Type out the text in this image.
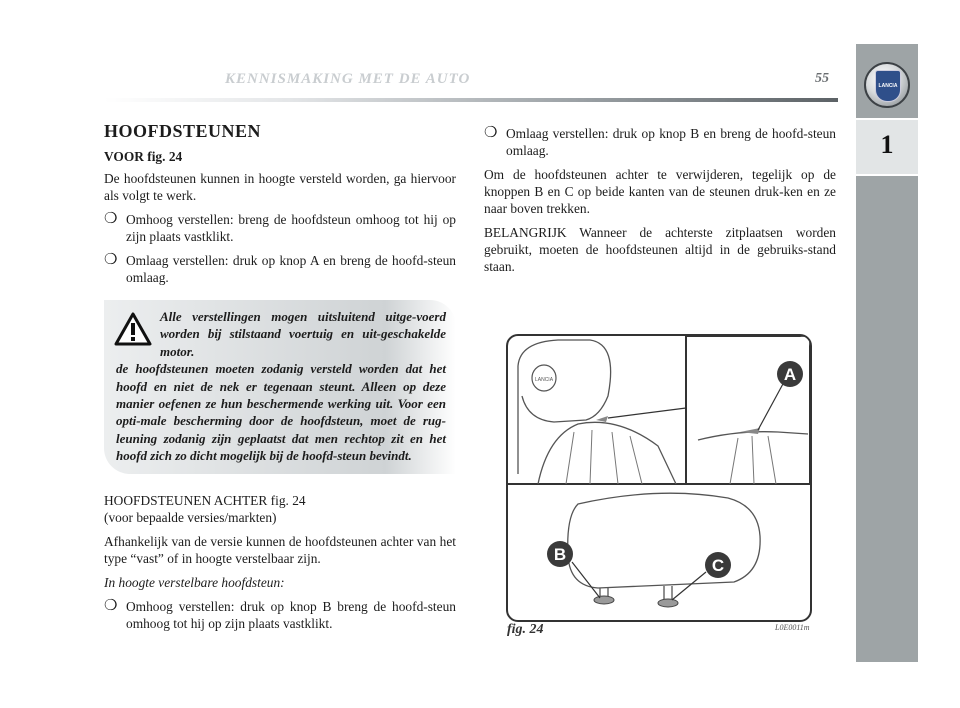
KENNISMAKING MET DE AUTO	55	LANCIA
1
HOOFDSTEUNEN
VOOR fig. 24

De hoofdsteunen kunnen in hoogte versteld worden, ga hiervoor als volgt te werk.

❍ Omhoog verstellen: breng de hoofdsteun omhoog tot hij op zijn plaats vastklikt.
❍ Omlaag verstellen: druk op knop A en breng de hoofd-steun omlaag.
Alle verstellingen mogen uitsluitend uitge-voerd worden bij stilstaand voertuig en uit-geschakelde motor.
de hoofdsteunen moeten zodanig versteld worden dat het hoofd en niet de nek er tegenaan steunt. Alleen op deze manier oefenen ze hun beschermende werking uit. Voor een opti-male bescherming door de hoofdsteun, moet de rug-leuning zodanig zijn geplaatst dat men rechtop zit en het hoofd zich zo dicht mogelijk bij de hoofd-steun bevindt.
HOOFDSTEUNEN ACHTER fig. 24

(voor bepaalde versies/markten)

Afhankelijk van de versie kunnen de hoofdsteunen achter van het type “vast” of in hoogte verstelbaar zijn.

In hoogte verstelbare hoofdsteun:

❍ Omhoog verstellen: druk op knop B breng de hoofd-steun omhoog tot hij op zijn plaats vastklikt.
❍ Omlaag verstellen: druk op knop B en breng de hoofd-steun omlaag.

Om de hoofdsteunen achter te verwijderen, tegelijk op de knoppen B en C op beide kanten van de steunen druk-ken en ze naar boven trekken.

BELANGRIJK Wanneer de achterste zitplaatsen worden gebruikt, moeten de hoofdsteunen altijd in de gebruiks-stand staan.

LANCIA	A
B
C
fig. 24	L0E0011m
